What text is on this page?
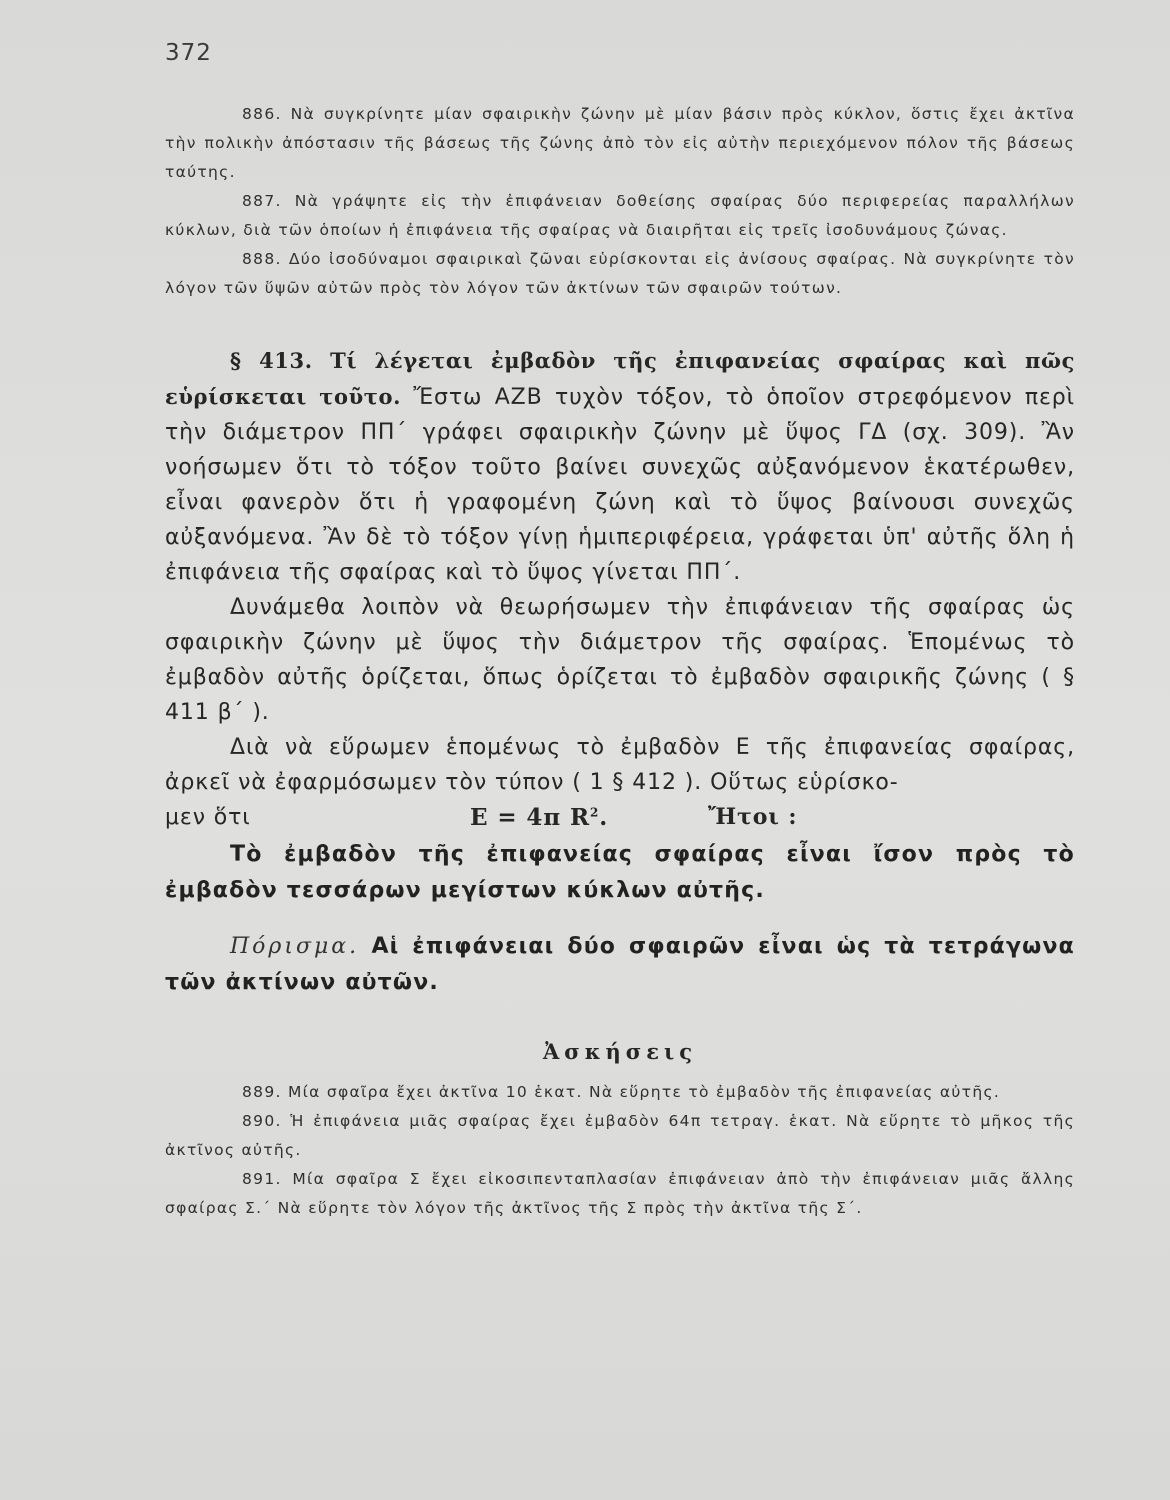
372

886. Νὰ συγκρίνητε μίαν σφαιρικὴν ζώνην μὲ μίαν βάσιν πρὸς κύκλον, ὅστις ἔχει ἀκτῖνα τὴν πολικὴν ἀπόστασιν τῆς βάσεως τῆς ζώνης ἀπὸ τὸν εἰς αὐτὴν περιεχόμενον πόλον τῆς βάσεως ταύτης.

887. Νὰ γράψητε εἰς τὴν ἐπιφάνειαν δοθείσης σφαίρας δύο περιφερείας παραλλήλων κύκλων, διὰ τῶν ὁποίων ἡ ἐπιφάνεια τῆς σφαίρας νὰ διαιρῆται εἰς τρεῖς ἰσοδυνάμους ζώνας.

888. Δύο ἰσοδύναμοι σφαιρικαὶ ζῶναι εὑρίσκονται εἰς ἀνίσους σφαίρας. Νὰ συγκρίνητε τὸν λόγον τῶν ὕψῶν αὐτῶν πρὸς τὸν λόγον τῶν ἀκτίνων τῶν σφαιρῶν τούτων.

§ 413. Τί λέγεται ἐμβαδὸν τῆς ἐπιφανείας σφαίρας καὶ πῶς εὑρίσκεται τοῦτο. Ἔστω ΑΖΒ τυχὸν τόξον, τὸ ὁποῖον στρεφόμενον περὶ τὴν διάμετρον ΠΠ΄ γράφει σφαιρικὴν ζώνην μὲ ὕψος ΓΔ (σχ. 309). Ἂν νοήσωμεν ὅτι τὸ τόξον τοῦτο βαίνει συνεχῶς αὐξανόμενον ἑκατέρωθεν, εἶναι φανερὸν ὅτι ἡ γραφομένη ζώνη καὶ τὸ ὕψος βαίνουσι συνεχῶς αὐξανόμενα. Ἂν δὲ τὸ τόξον γίνῃ ἡμιπεριφέρεια, γράφεται ὑπ' αὐτῆς ὅλη ἡ ἐπιφάνεια τῆς σφαίρας καὶ τὸ ὕψος γίνεται ΠΠ΄.

Δυνάμεθα λοιπὸν νὰ θεωρήσωμεν τὴν ἐπιφάνειαν τῆς σφαίρας ὡς σφαιρικὴν ζώνην μὲ ὕψος τὴν διάμετρον τῆς σφαίρας. Ἑπομένως τὸ ἐμβαδὸν αὐτῆς ὁρίζεται, ὅπως ὁρίζεται τὸ ἐμβαδὸν σφαιρικῆς ζώνης ( § 411 β΄ ).

Διὰ νὰ εὕρωμεν ἑπομένως τὸ ἐμβαδὸν Ε τῆς ἐπιφανείας σφαίρας, ἀρκεῖ νὰ ἐφαρμόσωμεν τὸν τύπον ( 1 § 412 ). Οὕτως εὑρίσκο-

μεν ὅτι	Ε = 4π $R^2$.	Ἤτοι :

Τὸ ἐμβαδὸν τῆς ἐπιφανείας σφαίρας εἶναι ἴσον πρὸς τὸ ἐμβαδὸν τεσσάρων μεγίστων κύκλων αὐτῆς.

Πόρισμα. Αἱ ἐπιφάνειαι δύο σφαιρῶν εἶναι ὡς τὰ τετράγωνα τῶν ἀκτίνων αὐτῶν.

Ἀσκήσεις

889. Μία σφαῖρα ἔχει ἀκτῖνα 10 ἑκατ. Νὰ εὕρητε τὸ ἐμβαδὸν τῆς ἐπιφανείας αὐτῆς.

890. Ἡ ἐπιφάνεια μιᾶς σφαίρας ἔχει ἐμβαδὸν 64π τετραγ. ἑκατ. Νὰ εὕρητε τὸ μῆκος τῆς ἀκτῖνος αὐτῆς.

891. Μία σφαῖρα Σ ἔχει εἰκοσιπενταπλασίαν ἐπιφάνειαν ἀπὸ τὴν ἐπιφάνειαν μιᾶς ἄλλης σφαίρας Σ.΄ Νὰ εὕρητε τὸν λόγον τῆς ἀκτῖνος τῆς Σ πρὸς τὴν ἀκτῖνα τῆς Σ΄.
